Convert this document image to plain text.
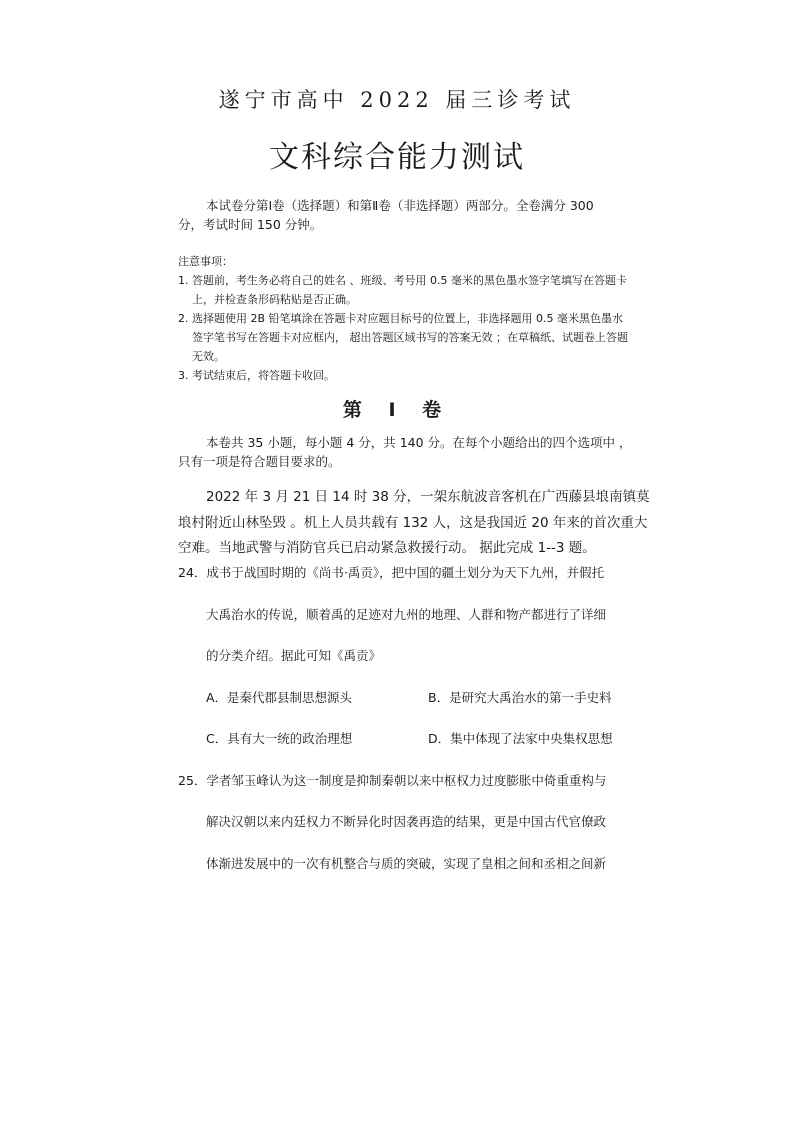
遂宁市高中 2022 届三诊考试
文科综合能力测试
本试卷分第Ⅰ卷（选择题）和第Ⅱ卷（非选择题）两部分。全卷满分 300
分，考试时间 150 分钟。
注意事项：
1. 答题前，考生务必将自己的姓名 、班级、考号用 0.5 毫米的黑色墨水签字笔填写在答题卡
上，并检查条形码粘贴是否正确。
2. 选择题使用 2B 铅笔填涂在答题卡对应题目标号的位置上，非选择题用 0.5 毫米黑色墨水
签字笔书写在答题卡对应框内， 超出答题区域书写的答案无效 ；在草稿纸、试题卷上答题
无效。
3. 考试结束后，将答题卡收回。
第 Ⅰ 卷
本卷共 35 小题，每小题 4 分，共 140 分。在每个小题给出的四个选项中 ，
只有一项是符合题目要求的。
2022 年 3 月 21 日 14 时 38 分，一架东航波音客机在广西藤县埌南镇莫
埌村附近山林坠毁 。机上人员共载有 132 人，这是我国近 20 年来的首次重大
空难。当地武警与消防官兵已启动紧急救援行动。 据此完成 1--3 题。
24．成书于战国时期的《尚书·禹贡》，把中国的疆土划分为天下九州，并假托
大禹治水的传说，顺着禹的足迹对九州的地理、人群和物产都进行了详细
的分类介绍。据此可知《禹贡》
A．是秦代郡县制思想源头	B．是研究大禹治水的第一手史料
C．具有大一统的政治理想	D．集中体现了法家中央集权思想
25．学者邹玉峰认为这一制度是抑制秦朝以来中枢权力过度膨胀中倚重重构与
解决汉朝以来内廷权力不断异化时因袭再造的结果，更是中国古代官僚政
体渐进发展中的一次有机整合与质的突破，实现了皇相之间和丞相之间新
